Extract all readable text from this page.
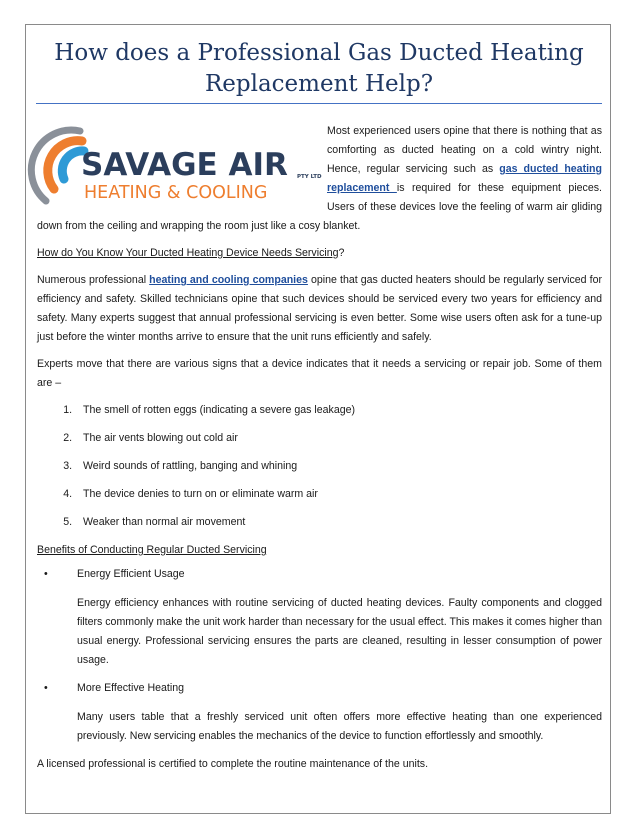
How does a Professional Gas Ducted Heating Replacement Help?
SAVAGE AIR
HEATING & COOLING
PTY LTD

Most experienced users opine that there is nothing that as comforting as ducted heating on a cold wintry night. Hence, regular servicing such as gas ducted heating replacement is required for these equipment pieces. Users of these devices love the feeling of warm air gliding down from the ceiling and wrapping the room just like a cosy blanket.

How do You Know Your Ducted Heating Device Needs Servicing?

Numerous professional heating and cooling companies opine that gas ducted heaters should be regularly serviced for efficiency and safety. Skilled technicians opine that such devices should be serviced every two years for efficiency and safety. Many experts suggest that annual professional servicing is even better. Some wise users often ask for a tune-up just before the winter months arrive to ensure that the unit runs efficiently and safely.

Experts move that there are various signs that a device indicates that it needs a servicing or repair job. Some of them are –

1. The smell of rotten eggs (indicating a severe gas leakage)
2. The air vents blowing out cold air
3. Weird sounds of rattling, banging and whining
4. The device denies to turn on or eliminate warm air
5. Weaker than normal air movement

Benefits of Conducting Regular Ducted Servicing

•	Energy Efficient Usage
Energy efficiency enhances with routine servicing of ducted heating devices. Faulty components and clogged filters commonly make the unit work harder than necessary for the usual effect. This makes it comes higher than usual energy. Professional servicing ensures the parts are cleaned, resulting in lesser consumption of power usage.
•	More Effective Heating
Many users table that a freshly serviced unit often offers more effective heating than one experienced previously. New servicing enables the mechanics of the device to function effortlessly and smoothly.

A licensed professional is certified to complete the routine maintenance of the units.
